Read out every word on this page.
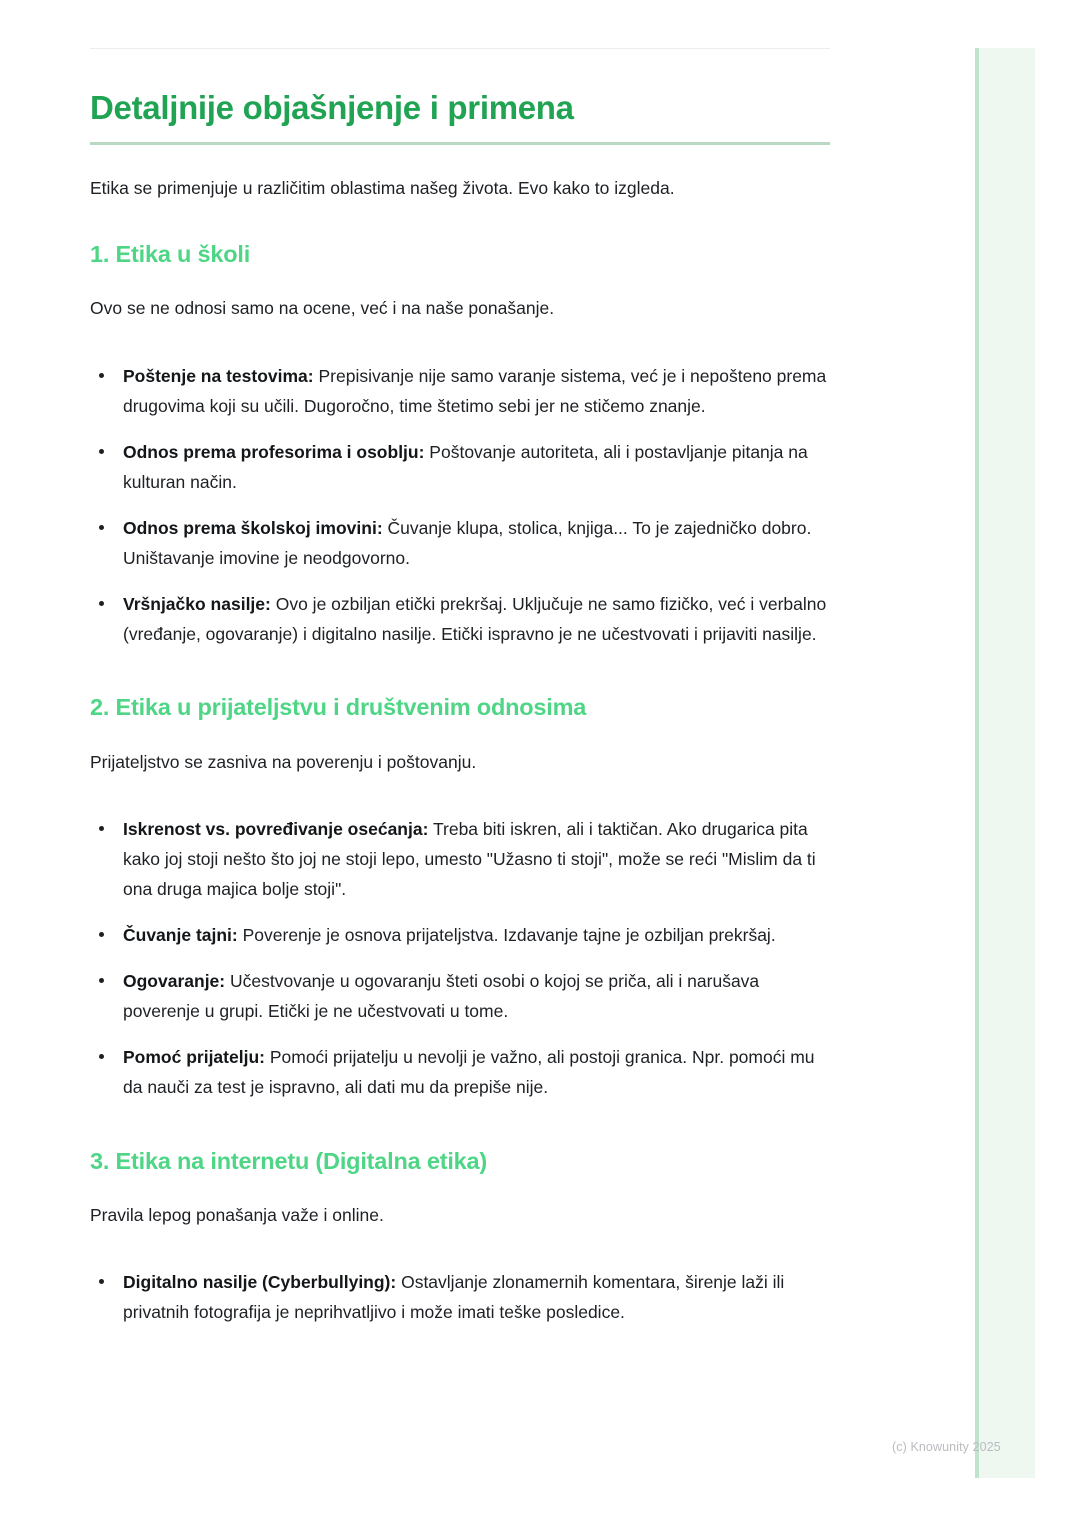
Detaljnije objašnjenje i primena

Etika se primenjuje u različitim oblastima našeg života. Evo kako to izgleda.

1. Etika u školi

Ovo se ne odnosi samo na ocene, već i na naše ponašanje.

Poštenje na testovima: Prepisivanje nije samo varanje sistema, već je i nepošteno prema drugovima koji su učili. Dugoročno, time štetimo sebi jer ne stičemo znanje.
Odnos prema profesorima i osoblju: Poštovanje autoriteta, ali i postavljanje pitanja na kulturan način.
Odnos prema školskoj imovini: Čuvanje klupa, stolica, knjiga... To je zajedničko dobro. Uništavanje imovine je neodgovorno.
Vršnjačko nasilje: Ovo je ozbiljan etički prekršaj. Uključuje ne samo fizičko, već i verbalno (vređanje, ogovaranje) i digitalno nasilje. Etički ispravno je ne učestvovati i prijaviti nasilje.
2. Etika u prijateljstvu i društvenim odnosima

Prijateljstvo se zasniva na poverenju i poštovanju.

Iskrenost vs. povređivanje osećanja: Treba biti iskren, ali i taktičan. Ako drugarica pita kako joj stoji nešto što joj ne stoji lepo, umesto "Užasno ti stoji", može se reći "Mislim da ti ona druga majica bolje stoji".
Čuvanje tajni: Poverenje je osnova prijateljstva. Izdavanje tajne je ozbiljan prekršaj.
Ogovaranje: Učestvovanje u ogovaranju šteti osobi o kojoj se priča, ali i narušava poverenje u grupi. Etički je ne učestvovati u tome.
Pomoć prijatelju: Pomoći prijatelju u nevolji je važno, ali postoji granica. Npr. pomoći mu da nauči za test je ispravno, ali dati mu da prepiše nije.
3. Etika na internetu (Digitalna etika)

Pravila lepog ponašanja važe i online.

Digitalno nasilje (Cyberbullying): Ostavljanje zlonamernih komentara, širenje laži ili privatnih fotografija je neprihvatljivo i može imati teške posledice.
(c) Knowunity 2025
